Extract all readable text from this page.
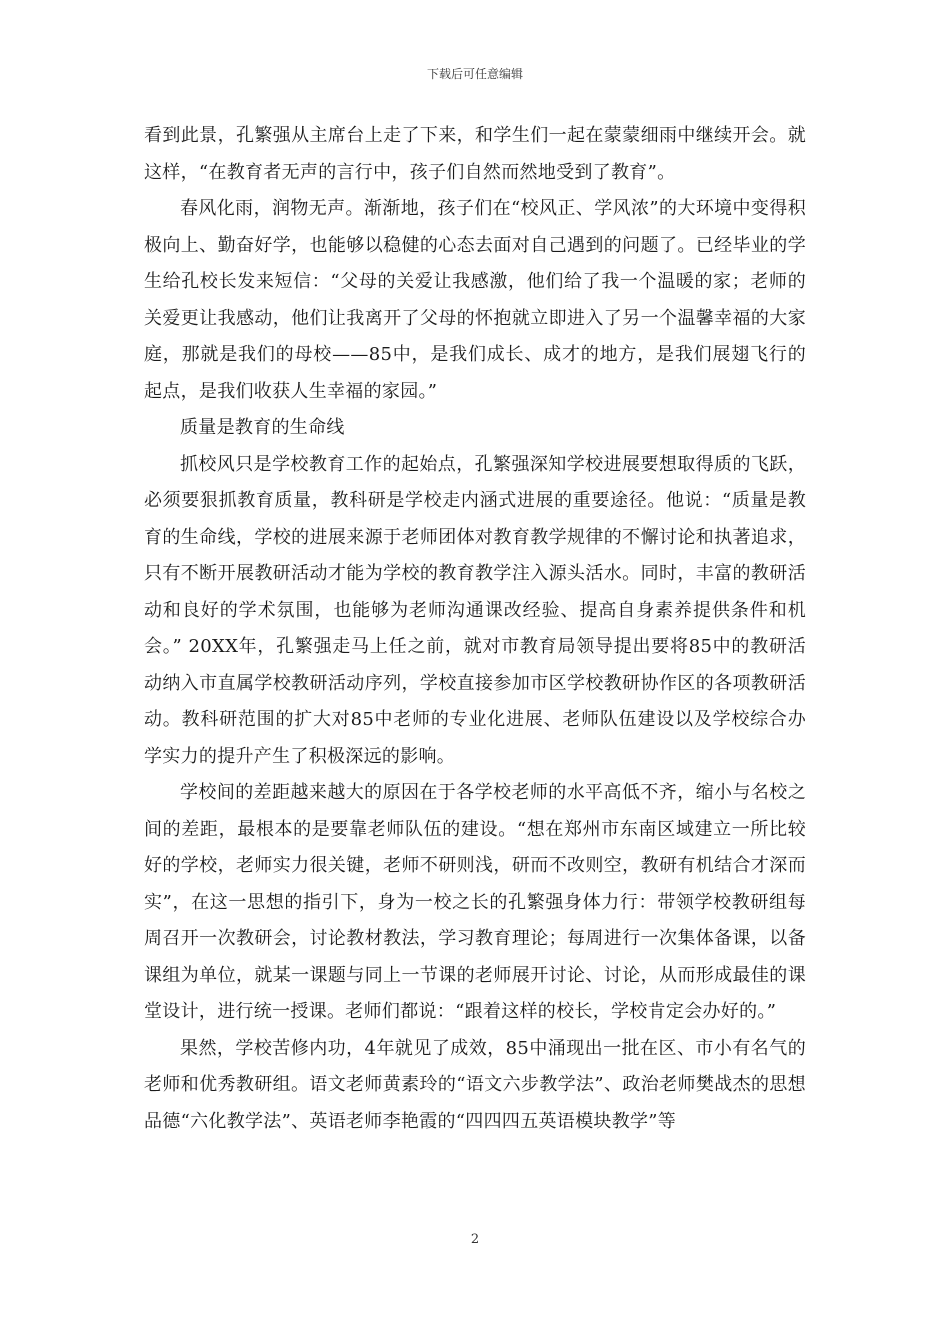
下载后可任意编辑

看到此景，孔繁强从主席台上走了下来，和学生们一起在蒙蒙细雨中继续开会。就这样，“在教育者无声的言行中，孩子们自然而然地受到了教育”。

春风化雨，润物无声。渐渐地，孩子们在“校风正、学风浓”的大环境中变得积极向上、勤奋好学，也能够以稳健的心态去面对自己遇到的问题了。已经毕业的学生给孔校长发来短信：“父母的关爱让我感激，他们给了我一个温暖的家；老师的关爱更让我感动，他们让我离开了父母的怀抱就立即进入了另一个温馨幸福的大家庭，那就是我们的母校——85中，是我们成长、成才的地方，是我们展翅飞行的起点，是我们收获人生幸福的家园。”

质量是教育的生命线

抓校风只是学校教育工作的起始点，孔繁强深知学校进展要想取得质的飞跃，必须要狠抓教育质量，教科研是学校走内涵式进展的重要途径。他说：“质量是教育的生命线，学校的进展来源于老师团体对教育教学规律的不懈讨论和执著追求，只有不断开展教研活动才能为学校的教育教学注入源头活水。同时，丰富的教研活动和良好的学术氛围，也能够为老师沟通课改经验、提高自身素养提供条件和机会。” 20XX年，孔繁强走马上任之前，就对市教育局领导提出要将85中的教研活动纳入市直属学校教研活动序列，学校直接参加市区学校教研协作区的各项教研活动。教科研范围的扩大对85中老师的专业化进展、老师队伍建设以及学校综合办学实力的提升产生了积极深远的影响。

学校间的差距越来越大的原因在于各学校老师的水平高低不齐，缩小与名校之间的差距，最根本的是要靠老师队伍的建设。“想在郑州市东南区域建立一所比较好的学校，老师实力很关键，老师不研则浅，研而不改则空，教研有机结合才深而实”，在这一思想的指引下，身为一校之长的孔繁强身体力行：带领学校教研组每周召开一次教研会，讨论教材教法，学习教育理论；每周进行一次集体备课，以备课组为单位，就某一课题与同上一节课的老师展开讨论、讨论，从而形成最佳的课堂设计，进行统一授课。老师们都说：“跟着这样的校长，学校肯定会办好的。”

果然，学校苦修内功，4年就见了成效，85中涌现出一批在区、市小有名气的老师和优秀教研组。语文老师黄素玲的“语文六步教学法”、政治老师樊战杰的思想品德“六化教学法”、英语老师李艳霞的“四四四五英语模块教学”等

2
